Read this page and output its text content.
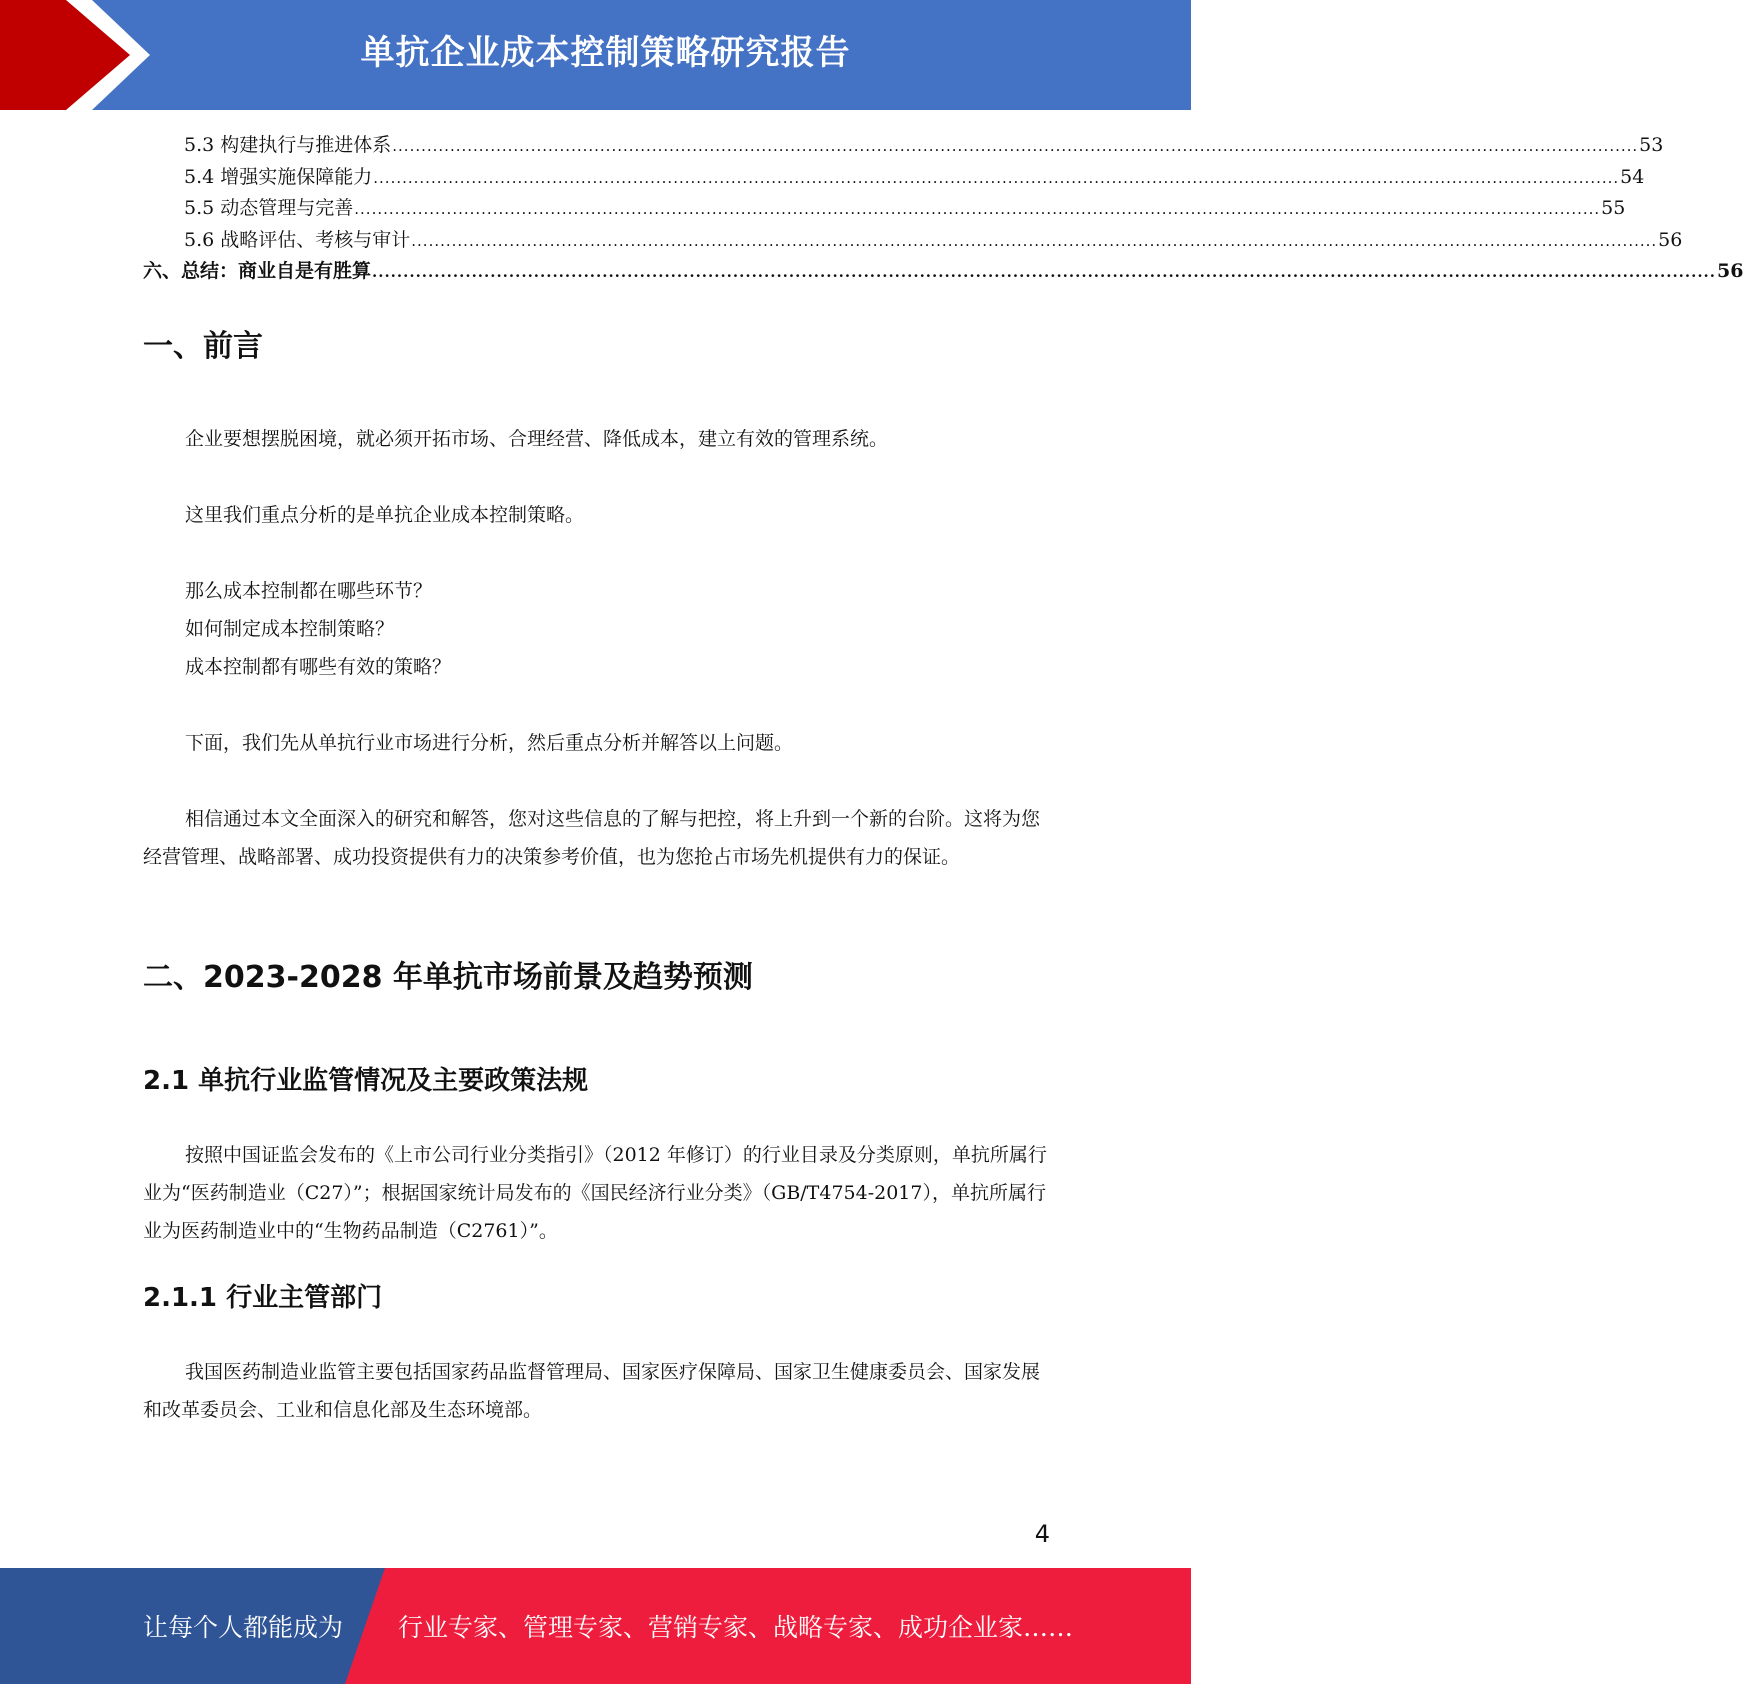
单抗企业成本控制策略研究报告
5.3 构建执行与推进体系 ........................................................................................................................................................................................................................ 53
5.4 增强实施保障能力 ........................................................................................................................................................................................................................ 54
5.5 动态管理与完善 ........................................................................................................................................................................................................................ 55
5.6 战略评估、考核与审计 ........................................................................................................................................................................................................................ 56
六、总结：商业自是有胜算 ........................................................................................................................................................................................................................ 56
一、前言
企业要想摆脱困境，就必须开拓市场、合理经营、降低成本，建立有效的管理系统。
这里我们重点分析的是单抗企业成本控制策略。
那么成本控制都在哪些环节？
如何制定成本控制策略？
成本控制都有哪些有效的策略？
下面，我们先从单抗行业市场进行分析，然后重点分析并解答以上问题。
相信通过本文全面深入的研究和解答，您对这些信息的了解与把控，将上升到一个新的台阶。这将为您经营管理、战略部署、成功投资提供有力的决策参考价值，也为您抢占市场先机提供有力的保证。
二、2023-2028 年单抗市场前景及趋势预测
2.1 单抗行业监管情况及主要政策法规
按照中国证监会发布的《上市公司行业分类指引》（2012 年修订）的行业目录及分类原则，单抗所属行业为“医药制造业（C27）”；根据国家统计局发布的《国民经济行业分类》（GB/T4754-2017），单抗所属行业为医药制造业中的“生物药品制造（C2761）”。
2.1.1 行业主管部门
我国医药制造业监管主要包括国家药品监督管理局、国家医疗保障局、国家卫生健康委员会、国家发展和改革委员会、工业和信息化部及生态环境部。
4
让每个人都能成为 行业专家、管理专家、营销专家、战略专家、成功企业家……
